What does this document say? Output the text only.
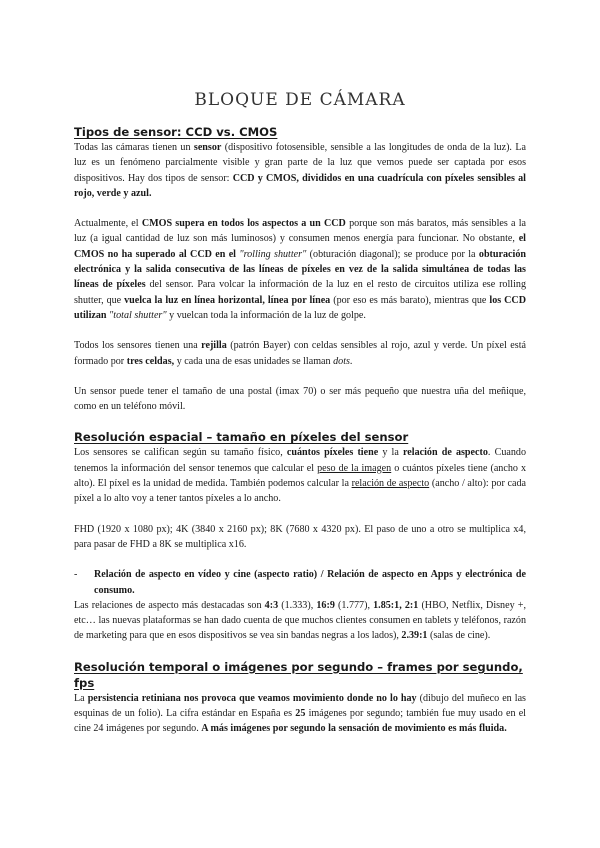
BLOQUE DE CÁMARA
Tipos de sensor: CCD vs. CMOS

Todas las cámaras tienen un sensor (dispositivo fotosensible, sensible a las longitudes de onda de la luz). La luz es un fenómeno parcialmente visible y gran parte de la luz que vemos puede ser captada por esos dispositivos. Hay dos tipos de sensor: CCD y CMOS, divididos en una cuadrícula con píxeles sensibles al rojo, verde y azul.

Actualmente, el CMOS supera en todos los aspectos a un CCD porque son más baratos, más sensibles a la luz (a igual cantidad de luz son más luminosos) y consumen menos energía para funcionar. No obstante, el CMOS no ha superado al CCD en el "rolling shutter" (obturación diagonal); se produce por la obturación electrónica y la salida consecutiva de las líneas de píxeles en vez de la salida simultánea de todas las líneas de píxeles del sensor. Para volcar la información de la luz en el resto de circuitos utiliza ese rolling shutter, que vuelca la luz en línea horizontal, línea por línea (por eso es más barato), mientras que los CCD utilizan "total shutter" y vuelcan toda la información de la luz de golpe.

Todos los sensores tienen una rejilla (patrón Bayer) con celdas sensibles al rojo, azul y verde. Un píxel está formado por tres celdas, y cada una de esas unidades se llaman dots.

Un sensor puede tener el tamaño de una postal (imax 70) o ser más pequeño que nuestra uña del meñique, como en un teléfono móvil.

Resolución espacial – tamaño en píxeles del sensor

Los sensores se califican según su tamaño físico, cuántos píxeles tiene y la relación de aspecto. Cuando tenemos la información del sensor tenemos que calcular el peso de la imagen o cuántos píxeles tiene (ancho x alto). El píxel es la unidad de medida. También podemos calcular la relación de aspecto (ancho / alto): por cada píxel a lo alto voy a tener tantos píxeles a lo ancho.

FHD (1920 x 1080 px); 4K (3840 x 2160 px); 8K (7680 x 4320 px). El paso de uno a otro se multiplica x4, para pasar de FHD a 8K se multiplica x16.

- Relación de aspecto en vídeo y cine (aspecto ratio) / Relación de aspecto en Apps y electrónica de consumo.

Las relaciones de aspecto más destacadas son 4:3 (1.333), 16:9 (1.777), 1.85:1, 2:1 (HBO, Netflix, Disney +, etc… las nuevas plataformas se han dado cuenta de que muchos clientes consumen en tablets y teléfonos, razón de marketing para que en esos dispositivos se vea sin bandas negras a los lados), 2.39:1 (salas de cine).

Resolución temporal o imágenes por segundo – frames por segundo, fps

La persistencia retiniana nos provoca que veamos movimiento donde no lo hay (dibujo del muñeco en las esquinas de un folio). La cifra estándar en España es 25 imágenes por segundo; también fue muy usado en el cine 24 imágenes por segundo. A más imágenes por segundo la sensación de movimiento es más fluida.
